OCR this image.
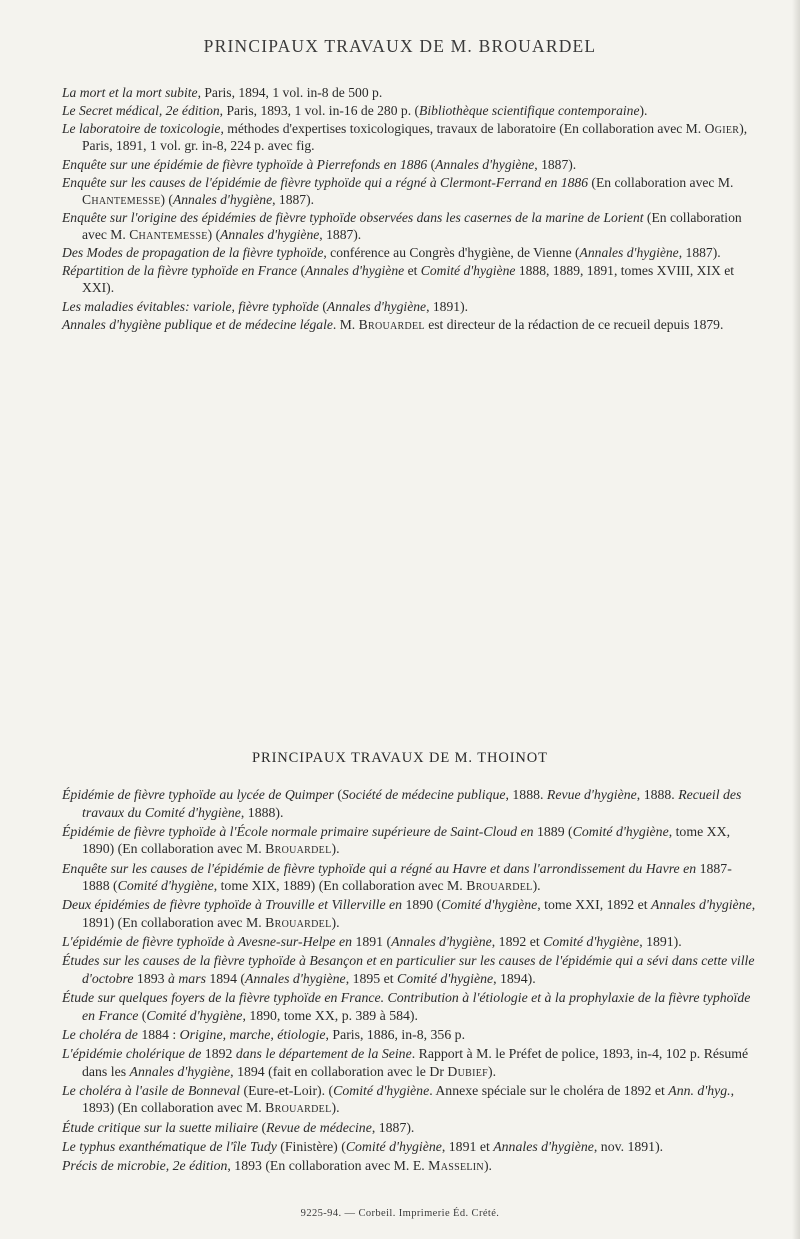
PRINCIPAUX TRAVAUX DE M. BROUARDEL

La mort et la mort subite, Paris, 1894, 1 vol. in-8 de 500 p.

Le Secret médical, 2e édition, Paris, 1893, 1 vol. in-16 de 280 p. (Bibliothèque scientifique contemporaine).

Le laboratoire de toxicologie, méthodes d'expertises toxicologiques, travaux de laboratoire (En collaboration avec M. Ogier), Paris, 1891, 1 vol. gr. in-8, 224 p. avec fig.

Enquête sur une épidémie de fièvre typhoïde à Pierrefonds en 1886 (Annales d'hygiène, 1887).

Enquête sur les causes de l'épidémie de fièvre typhoïde qui a régné à Clermont-Ferrand en 1886 (En collaboration avec M. Chantemesse) (Annales d'hygiène, 1887).

Enquête sur l'origine des épidémies de fièvre typhoïde observées dans les casernes de la marine de Lorient (En collaboration avec M. Chantemesse) (Annales d'hygiène, 1887).

Des Modes de propagation de la fièvre typhoïde, conférence au Congrès d'hygiène, de Vienne (Annales d'hygiène, 1887).

Répartition de la fièvre typhoïde en France (Annales d'hygiène et Comité d'hygiène 1888, 1889, 1891, tomes XVIII, XIX et XXI).

Les maladies évitables: variole, fièvre typhoïde (Annales d'hygiène, 1891).

Annales d'hygiène publique et de médecine légale. M. Brouardel est directeur de la rédaction de ce recueil depuis 1879.

PRINCIPAUX TRAVAUX DE M. THOINOT

Épidémie de fièvre typhoïde au lycée de Quimper (Société de médecine publique, 1888. Revue d'hygiène, 1888. Recueil des travaux du Comité d'hygiène, 1888).

Épidémie de fièvre typhoïde à l'École normale primaire supérieure de Saint-Cloud en 1889 (Comité d'hygiène, tome XX, 1890) (En collaboration avec M. Brouardel).

Enquête sur les causes de l'épidémie de fièvre typhoïde qui a régné au Havre et dans l'arrondissement du Havre en 1887-1888 (Comité d'hygiène, tome XIX, 1889) (En collaboration avec M. Brouardel).

Deux épidémies de fièvre typhoïde à Trouville et Villerville en 1890 (Comité d'hygiène, tome XXI, 1892 et Annales d'hygiène, 1891) (En collaboration avec M. Brouardel).

L'épidémie de fièvre typhoïde à Avesne-sur-Helpe en 1891 (Annales d'hygiène, 1892 et Comité d'hygiène, 1891).

Études sur les causes de la fièvre typhoïde à Besançon et en particulier sur les causes de l'épidémie qui a sévi dans cette ville d'octobre 1893 à mars 1894 (Annales d'hygiène, 1895 et Comité d'hygiène, 1894).

Étude sur quelques foyers de la fièvre typhoïde en France. Contribution à l'étiologie et à la prophylaxie de la fièvre typhoïde en France (Comité d'hygiène, 1890, tome XX, p. 389 à 584).

Le choléra de 1884 : Origine, marche, étiologie, Paris, 1886, in-8, 356 p.

L'épidémie cholérique de 1892 dans le département de la Seine. Rapport à M. le Préfet de police, 1893, in-4, 102 p. Résumé dans les Annales d'hygiène, 1894 (fait en collaboration avec le Dr Dubief).

Le choléra à l'asile de Bonneval (Eure-et-Loir). (Comité d'hygiène. Annexe spéciale sur le choléra de 1892 et Ann. d'hyg., 1893) (En collaboration avec M. Brouardel).

Étude critique sur la suette miliaire (Revue de médecine, 1887).

Le typhus exanthématique de l'île Tudy (Finistère) (Comité d'hygiène, 1891 et Annales d'hygiène, nov. 1891).

Précis de microbie, 2e édition, 1893 (En collaboration avec M. E. Masselin).

9225-94. — Corbeil. Imprimerie Éd. Crété.
